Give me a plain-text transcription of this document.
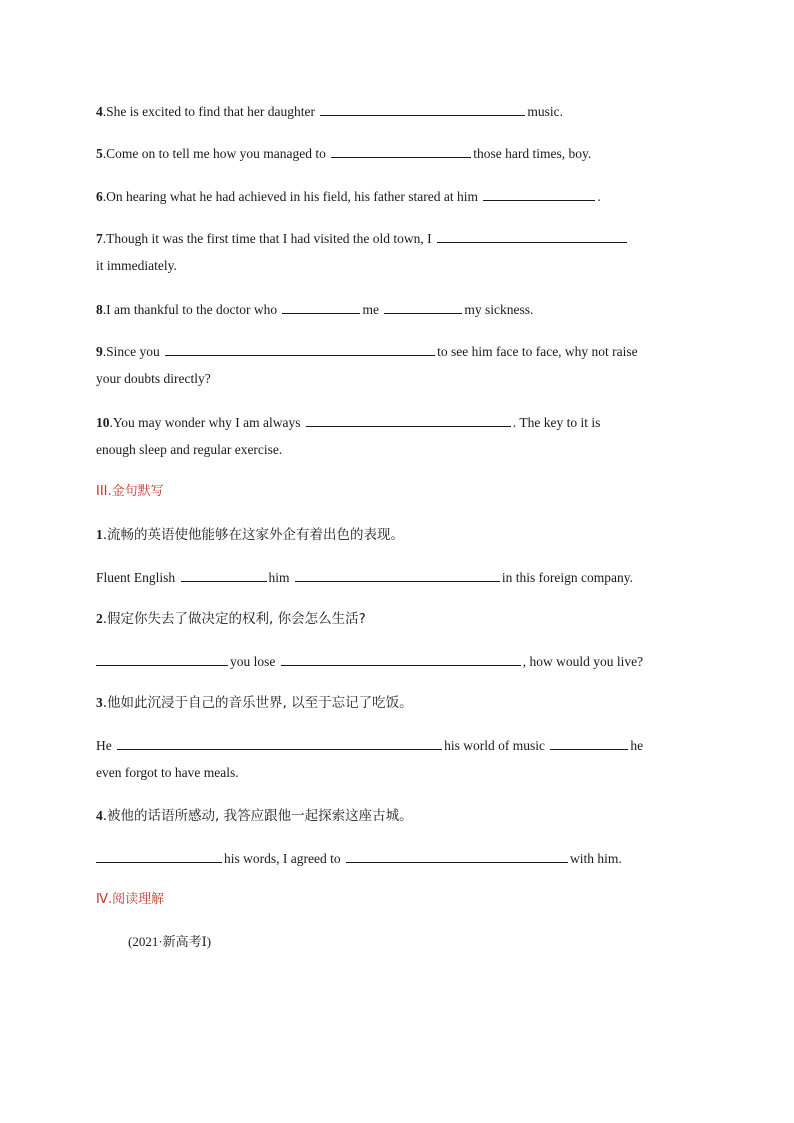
4.She is excited to find that her daughter	music.
5.Come on to tell me how you managed to	those hard times, boy.
6.On hearing what he had achieved in his field, his father stared at him	.
7.Though it was the first time that I had visited the old town, I
it immediately.
8.I am thankful to the doctor who	me	my sickness.
9.Since you	to see him face to face, why not raise
your doubts directly?
10.You may wonder why I am always	. The key to it is
enough sleep and regular exercise.
III.金句默写
1.流畅的英语使他能够在这家外企有着出色的表现。
Fluent English	him	in this foreign company.
2.假定你失去了做决定的权利, 你会怎么生活?
you lose	, how would you live?
3.他如此沉浸于自己的音乐世界, 以至于忘记了吃饭。
He	his world of music	he
even forgot to have meals.
4.被他的话语所感动, 我答应跟他一起探索这座古城。
his words, I agreed to	with him.
Ⅳ.阅读理解
(2021·新高考Ⅰ)
